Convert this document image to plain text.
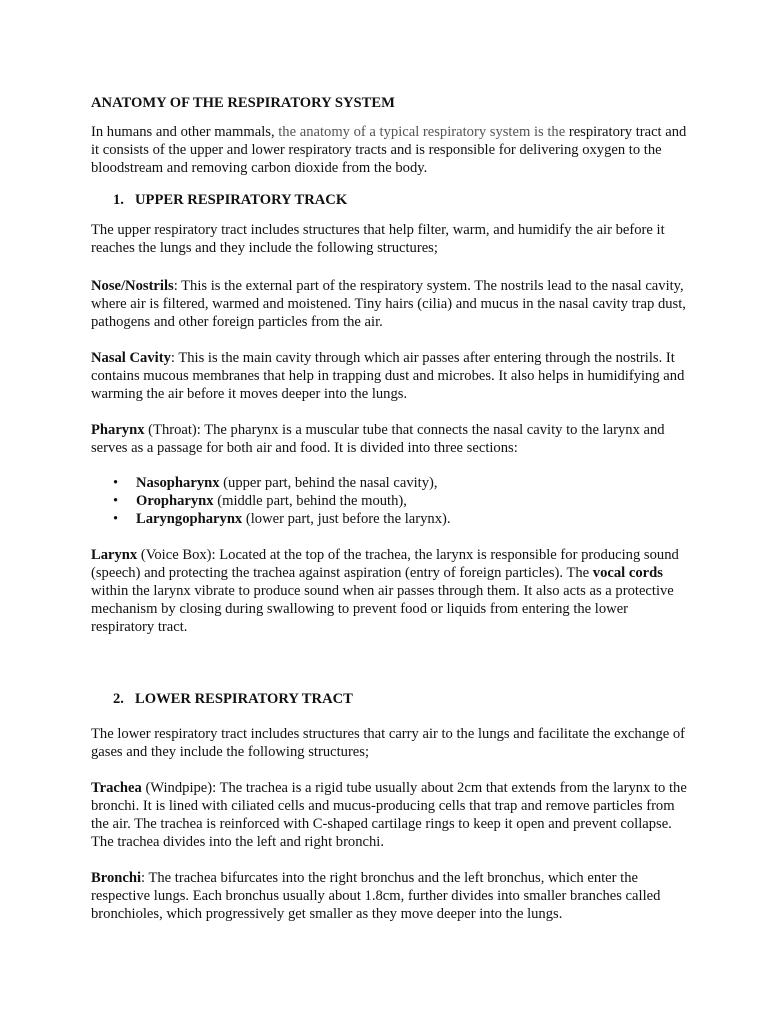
ANATOMY OF THE RESPIRATORY SYSTEM

In humans and other mammals, the anatomy of a typical respiratory system is the respiratory tract and it consists of the upper and lower respiratory tracts and is responsible for delivering oxygen to the bloodstream and removing carbon dioxide from the body.

1. UPPER RESPIRATORY TRACK

The upper respiratory tract includes structures that help filter, warm, and humidify the air before it reaches the lungs and they include the following structures;

Nose/Nostrils: This is the external part of the respiratory system. The nostrils lead to the nasal cavity, where air is filtered, warmed and moistened. Tiny hairs (cilia) and mucus in the nasal cavity trap dust, pathogens and other foreign particles from the air.

Nasal Cavity: This is the main cavity through which air passes after entering through the nostrils. It contains mucous membranes that help in trapping dust and microbes. It also helps in humidifying and warming the air before it moves deeper into the lungs.

Pharynx (Throat): The pharynx is a muscular tube that connects the nasal cavity to the larynx and serves as a passage for both air and food. It is divided into three sections:

•	Nasopharynx (upper part, behind the nasal cavity),
•	Oropharynx (middle part, behind the mouth),
•	Laryngopharynx (lower part, just before the larynx).

Larynx (Voice Box): Located at the top of the trachea, the larynx is responsible for producing sound (speech) and protecting the trachea against aspiration (entry of foreign particles). The vocal cords within the larynx vibrate to produce sound when air passes through them. It also acts as a protective mechanism by closing during swallowing to prevent food or liquids from entering the lower respiratory tract.

2. LOWER RESPIRATORY TRACT

The lower respiratory tract includes structures that carry air to the lungs and facilitate the exchange of gases and they include the following structures;

Trachea (Windpipe): The trachea is a rigid tube usually about 2cm that extends from the larynx to the bronchi. It is lined with ciliated cells and mucus-producing cells that trap and remove particles from the air. The trachea is reinforced with C-shaped cartilage rings to keep it open and prevent collapse. The trachea divides into the left and right bronchi.

Bronchi: The trachea bifurcates into the right bronchus and the left bronchus, which enter the respective lungs. Each bronchus usually about 1.8cm, further divides into smaller branches called bronchioles, which progressively get smaller as they move deeper into the lungs.
